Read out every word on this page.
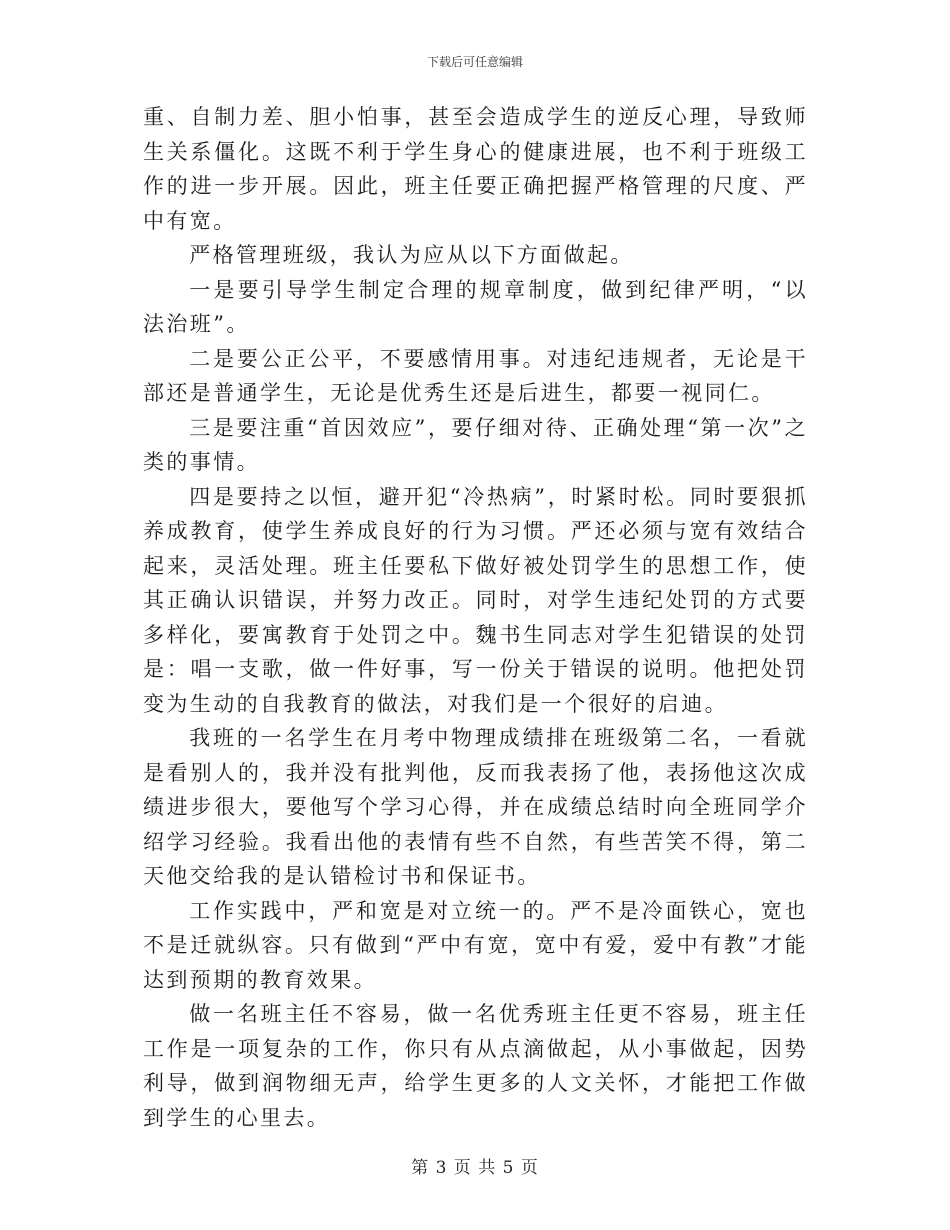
下载后可任意编辑

重、自制力差、胆小怕事，甚至会造成学生的逆反心理，导致师生关系僵化。这既不利于学生身心的健康进展，也不利于班级工作的进一步开展。因此，班主任要正确把握严格管理的尺度、严中有宽。

严格管理班级，我认为应从以下方面做起。

一是要引导学生制定合理的规章制度，做到纪律严明，“以法治班”。

二是要公正公平，不要感情用事。对违纪违规者，无论是干部还是普通学生，无论是优秀生还是后进生，都要一视同仁。

三是要注重“首因效应”，要仔细对待、正确处理“第一次”之类的事情。

四是要持之以恒，避开犯“冷热病”，时紧时松。同时要狠抓养成教育，使学生养成良好的行为习惯。严还必须与宽有效结合起来，灵活处理。班主任要私下做好被处罚学生的思想工作，使其正确认识错误，并努力改正。同时，对学生违纪处罚的方式要多样化，要寓教育于处罚之中。魏书生同志对学生犯错误的处罚是：唱一支歌，做一件好事，写一份关于错误的说明。他把处罚变为生动的自我教育的做法，对我们是一个很好的启迪。

我班的一名学生在月考中物理成绩排在班级第二名，一看就是看别人的，我并没有批判他，反而我表扬了他，表扬他这次成绩进步很大，要他写个学习心得，并在成绩总结时向全班同学介绍学习经验。我看出他的表情有些不自然，有些苦笑不得，第二天他交给我的是认错检讨书和保证书。

工作实践中，严和宽是对立统一的。严不是冷面铁心，宽也不是迁就纵容。只有做到“严中有宽，宽中有爱，爱中有教”才能达到预期的教育效果。

做一名班主任不容易，做一名优秀班主任更不容易，班主任工作是一项复杂的工作，你只有从点滴做起，从小事做起，因势利导，做到润物细无声，给学生更多的人文关怀，才能把工作做到学生的心里去。

第 3 页 共 5 页
